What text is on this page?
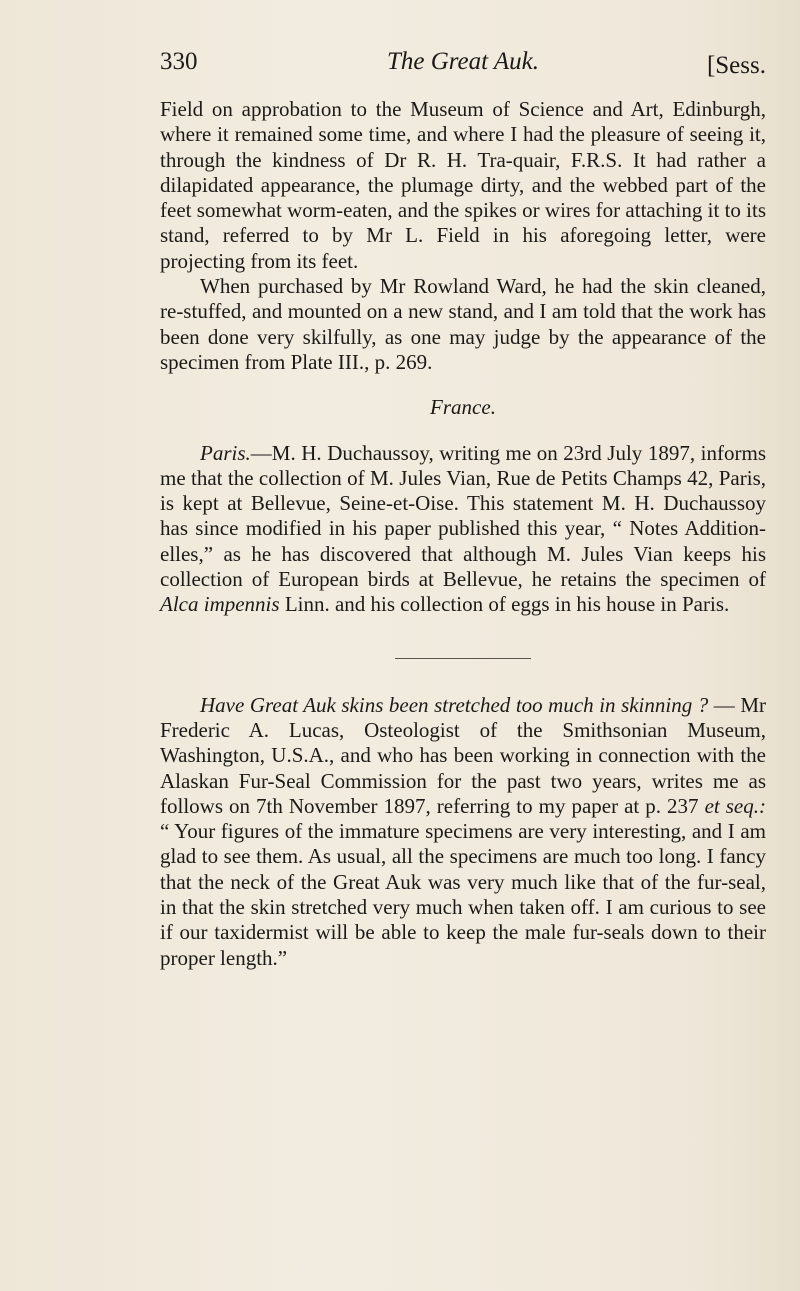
330	The Great Auk.	[Sess.

Field on approbation to the Museum of Science and Art, Edinburgh, where it remained some time, and where I had the pleasure of seeing it, through the kindness of Dr R. H. Tra-quair, F.R.S. It had rather a dilapidated appearance, the plumage dirty, and the webbed part of the feet somewhat worm-eaten, and the spikes or wires for attaching it to its stand, referred to by Mr L. Field in his aforegoing letter, were projecting from its feet.

When purchased by Mr Rowland Ward, he had the skin cleaned, re-stuffed, and mounted on a new stand, and I am told that the work has been done very skilfully, as one may judge by the appearance of the specimen from Plate III., p. 269.

France.

Paris.—M. H. Duchaussoy, writing me on 23rd July 1897, informs me that the collection of M. Jules Vian, Rue de Petits Champs 42, Paris, is kept at Bellevue, Seine-et-Oise. This statement M. H. Duchaussoy has since modified in his paper published this year, “ Notes Addition-elles,” as he has discovered that although M. Jules Vian keeps his collection of European birds at Bellevue, he retains the specimen of Alca impennis Linn. and his collection of eggs in his house in Paris.

Have Great Auk skins been stretched too much in skinning ? — Mr Frederic A. Lucas, Osteologist of the Smithsonian Museum, Washington, U.S.A., and who has been working in connection with the Alaskan Fur-Seal Commission for the past two years, writes me as follows on 7th November 1897, referring to my paper at p. 237 et seq.: “ Your figures of the immature specimens are very interesting, and I am glad to see them. As usual, all the specimens are much too long. I fancy that the neck of the Great Auk was very much like that of the fur-seal, in that the skin stretched very much when taken off. I am curious to see if our taxidermist will be able to keep the male fur-seals down to their proper length.”
